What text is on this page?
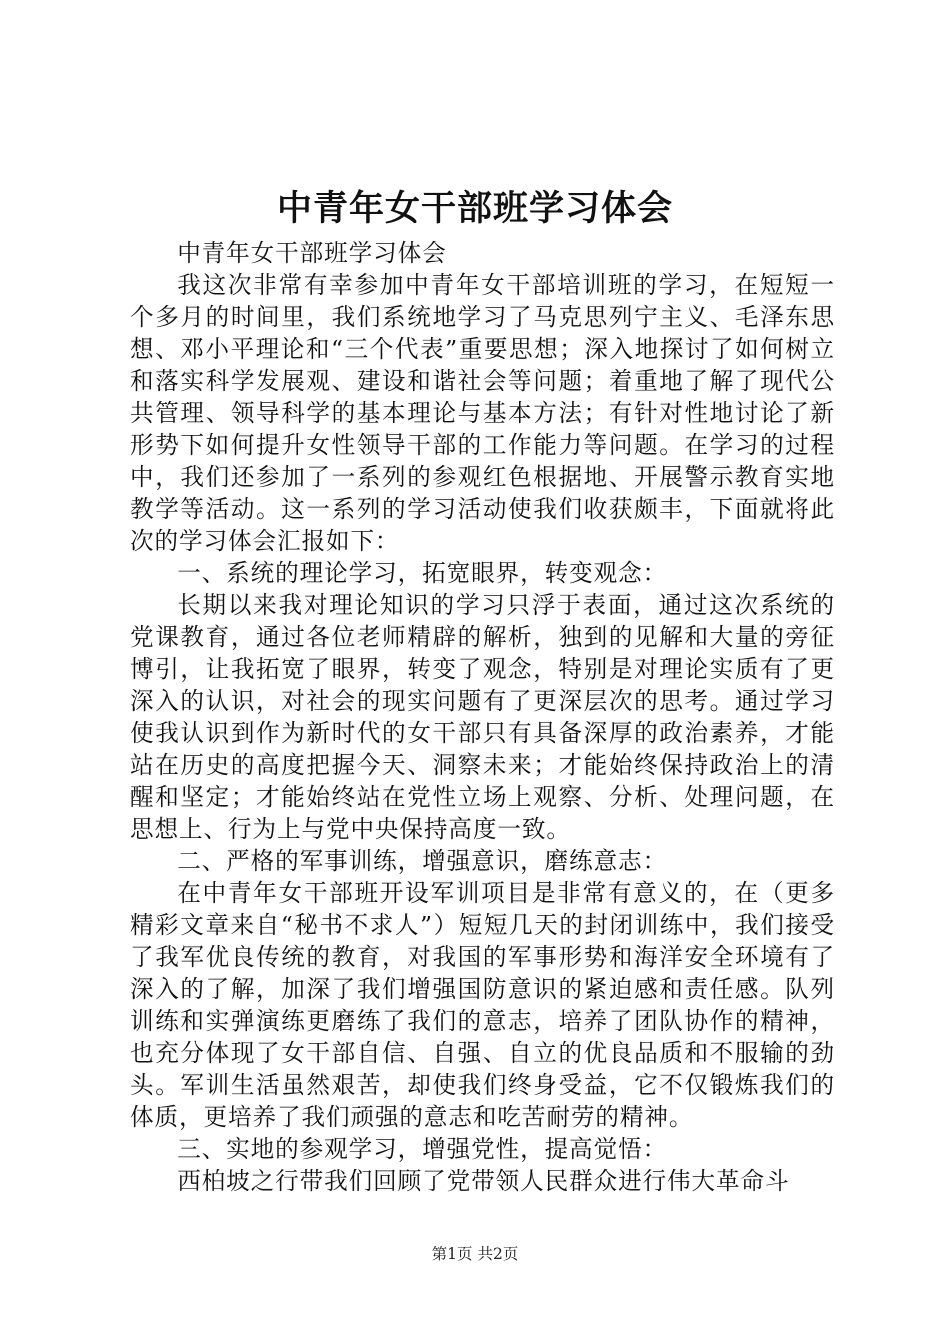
中青年女干部班学习体会

中青年女干部班学习体会

我这次非常有幸参加中青年女干部培训班的学习，在短短一个多月的时间里，我们系统地学习了马克思列宁主义、毛泽东思想、邓小平理论和“三个代表”重要思想；深入地探讨了如何树立和落实科学发展观、建设和谐社会等问题；着重地了解了现代公共管理、领导科学的基本理论与基本方法；有针对性地讨论了新形势下如何提升女性领导干部的工作能力等问题。在学习的过程中，我们还参加了一系列的参观红色根据地、开展警示教育实地教学等活动。这一系列的学习活动使我们收获颇丰，下面就将此次的学习体会汇报如下：

一、系统的理论学习，拓宽眼界，转变观念：

长期以来我对理论知识的学习只浮于表面，通过这次系统的党课教育，通过各位老师精辟的解析，独到的见解和大量的旁征博引，让我拓宽了眼界，转变了观念，特别是对理论实质有了更深入的认识，对社会的现实问题有了更深层次的思考。通过学习使我认识到作为新时代的女干部只有具备深厚的政治素养，才能站在历史的高度把握今天、洞察未来；才能始终保持政治上的清醒和坚定；才能始终站在党性立场上观察、分析、处理问题，在思想上、行为上与党中央保持高度一致。

二、严格的军事训练，增强意识，磨练意志：

在中青年女干部班开设军训项目是非常有意义的，在（更多精彩文章来自“秘书不求人”）短短几天的封闭训练中，我们接受了我军优良传统的教育，对我国的军事形势和海洋安全环境有了深入的了解，加深了我们增强国防意识的紧迫感和责任感。队列训练和实弹演练更磨练了我们的意志，培养了团队协作的精神，也充分体现了女干部自信、自强、自立的优良品质和不服输的劲头。军训生活虽然艰苦，却使我们终身受益，它不仅锻炼我们的体质，更培养了我们顽强的意志和吃苦耐劳的精神。

三、实地的参观学习，增强党性，提高觉悟：

西柏坡之行带我们回顾了党带领人民群众进行伟大革命斗

第1页 共2页
